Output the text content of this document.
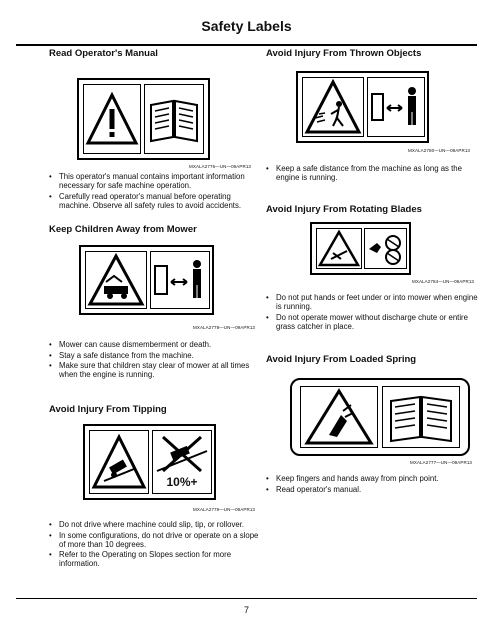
Safety Labels
Read Operator's Manual
MXALA2776—UN—09APR13
• This operator's manual contains important information necessary for safe machine operation.
• Carefully read operator's manual before operating machine. Observe all safety rules to avoid accidents.
Keep Children Away from Mower
MXALA2778—UN—09APR13
• Mower can cause dismemberment or death.
• Stay a safe distance from the machine.
• Make sure that children stay clear of mower at all times when the engine is running.
Avoid Injury From Tipping
10%+
MXALA2779—UN—09APR13
• Do not drive where machine could slip, tip, or rollover.
• In some configurations, do not drive or operate on a slope of more than 10 degrees.
• Refer to the Operating on Slopes section for more information.
Avoid Injury From Thrown Objects
MXALA2780—UN—09APR13
• Keep a safe distance from the machine as long as the engine is running.
Avoid Injury From Rotating Blades
MXALA2784—UN—09APR13
• Do not put hands or feet under or into mower when engine is running.
• Do not operate mower without discharge chute or entire grass catcher in place.
Avoid Injury From Loaded Spring
MXALA2777—UN—09APR13
• Keep fingers and hands away from pinch point.
• Read operator's manual.
7
